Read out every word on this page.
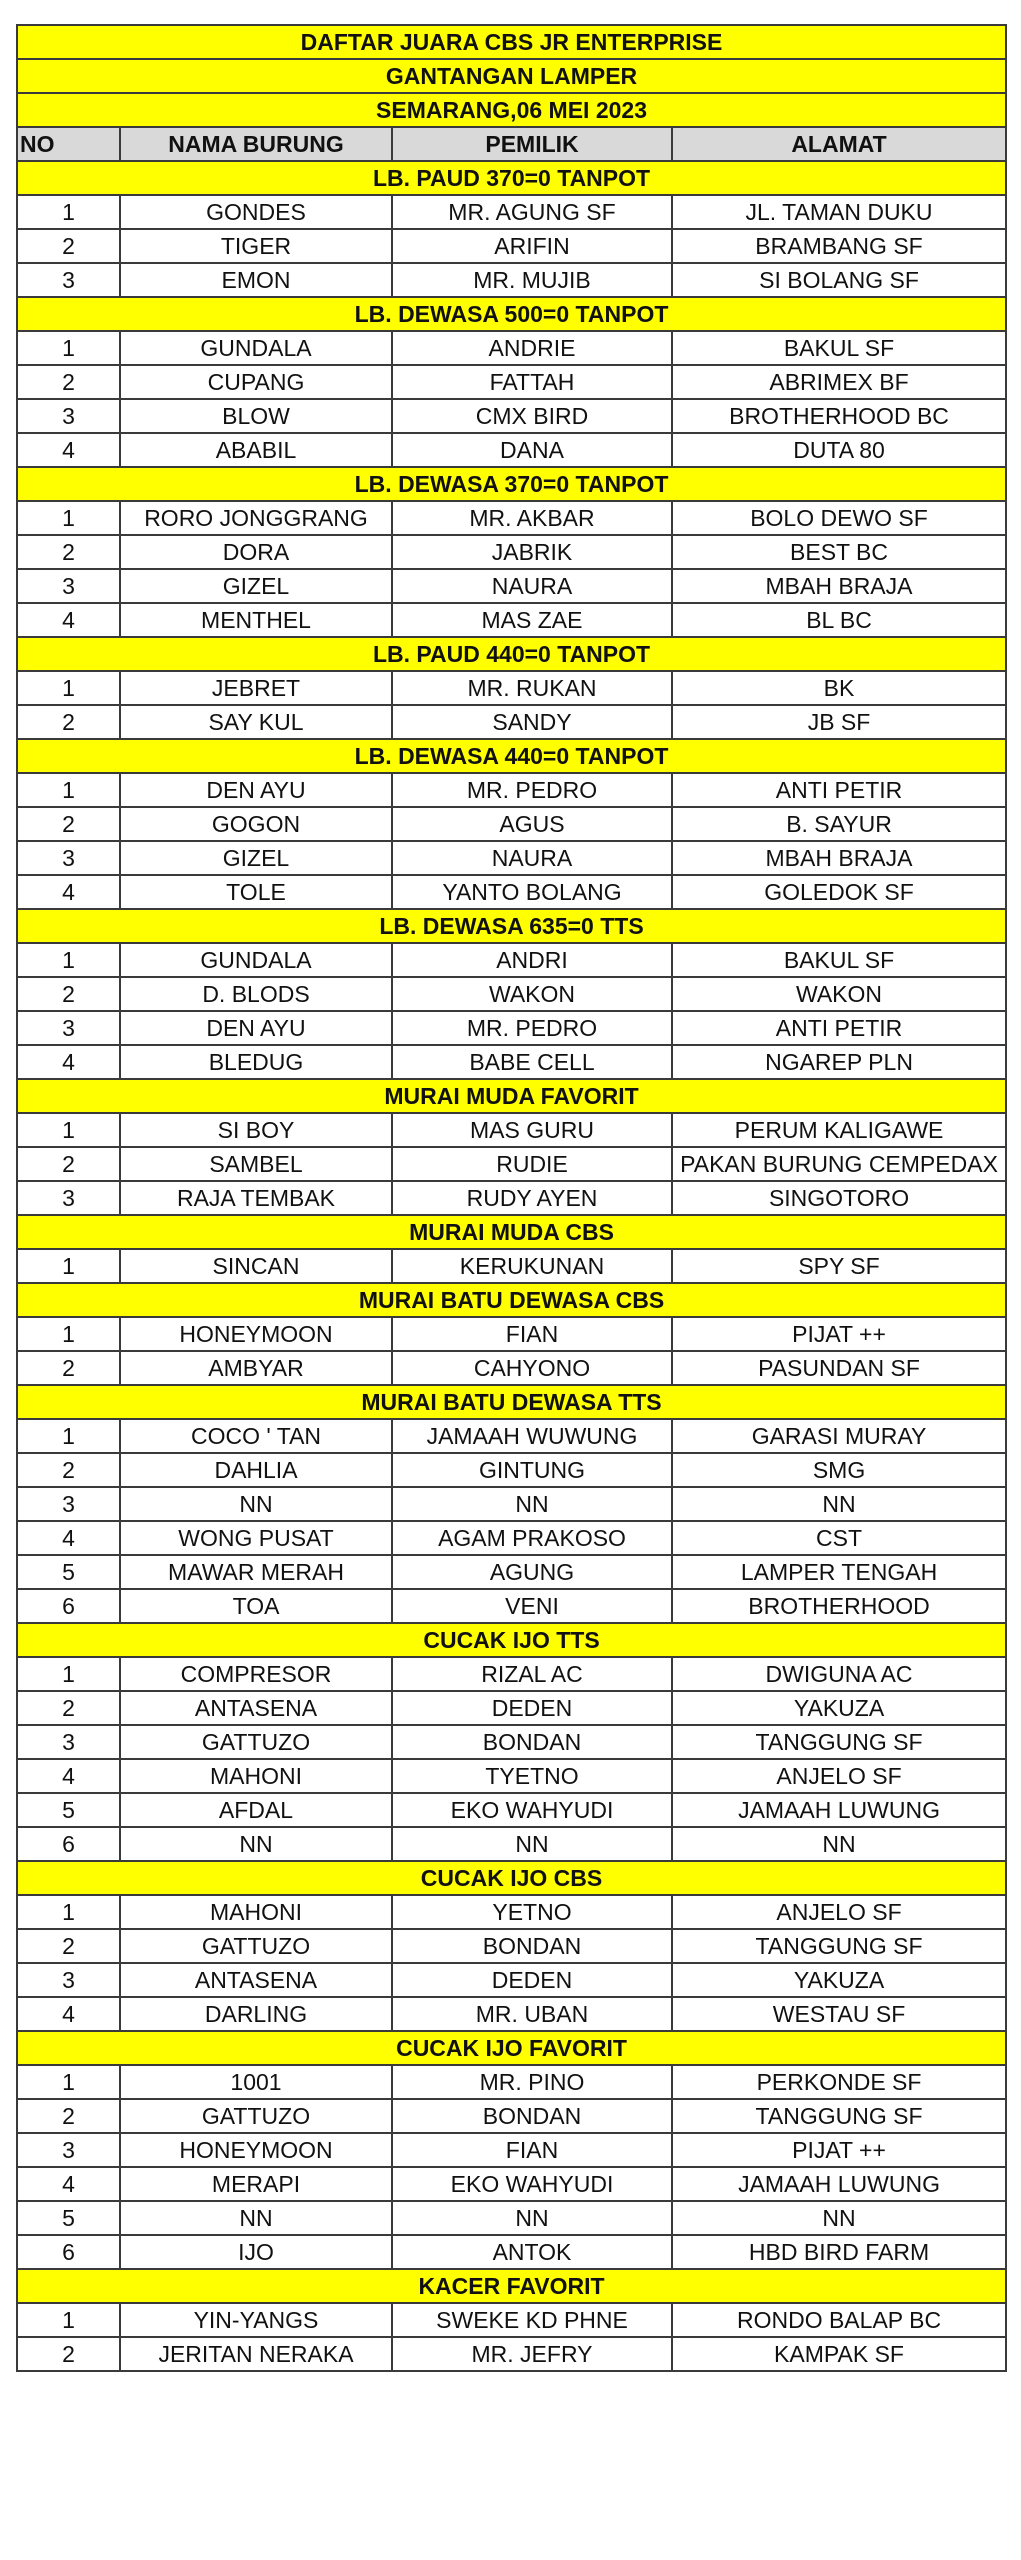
DAFTAR JUARA CBS JR ENTERPRISE			
GANTANGAN LAMPER			
SEMARANG,06 MEI 2023			
NO	NAMA BURUNG	PEMILIK	ALAMAT
LB. PAUD 370=0 TANPOT			
1	GONDES	MR. AGUNG SF	JL. TAMAN DUKU
2	TIGER	ARIFIN	BRAMBANG SF
3	EMON	MR. MUJIB	SI BOLANG SF
LB. DEWASA 500=0 TANPOT			
1	GUNDALA	ANDRIE	BAKUL SF
2	CUPANG	FATTAH	ABRIMEX BF
3	BLOW	CMX BIRD	BROTHERHOOD BC
4	ABABIL	DANA	DUTA 80
LB. DEWASA 370=0 TANPOT			
1	RORO JONGGRANG	MR. AKBAR	BOLO DEWO SF
2	DORA	JABRIK	BEST BC
3	GIZEL	NAURA	MBAH BRAJA
4	MENTHEL	MAS ZAE	BL BC
LB. PAUD 440=0 TANPOT			
1	JEBRET	MR. RUKAN	BK
2	SAY KUL	SANDY	JB SF
LB. DEWASA 440=0 TANPOT			
1	DEN AYU	MR. PEDRO	ANTI PETIR
2	GOGON	AGUS	B. SAYUR
3	GIZEL	NAURA	MBAH BRAJA
4	TOLE	YANTO BOLANG	GOLEDOK SF
LB. DEWASA 635=0 TTS			
1	GUNDALA	ANDRI	BAKUL SF
2	D. BLODS	WAKON	WAKON
3	DEN AYU	MR. PEDRO	ANTI PETIR
4	BLEDUG	BABE CELL	NGAREP PLN
MURAI MUDA FAVORIT			
1	SI BOY	MAS GURU	PERUM KALIGAWE
2	SAMBEL	RUDIE	PAKAN BURUNG CEMPEDAX
3	RAJA TEMBAK	RUDY AYEN	SINGOTORO
MURAI MUDA CBS			
1	SINCAN	KERUKUNAN	SPY SF
MURAI BATU DEWASA CBS			
1	HONEYMOON	FIAN	PIJAT ++
2	AMBYAR	CAHYONO	PASUNDAN SF
MURAI BATU DEWASA TTS			
1	COCO ' TAN	JAMAAH WUWUNG	GARASI MURAY
2	DAHLIA	GINTUNG	SMG
3	NN	NN	NN
4	WONG PUSAT	AGAM PRAKOSO	CST
5	MAWAR MERAH	AGUNG	LAMPER TENGAH
6	TOA	VENI	BROTHERHOOD
CUCAK IJO TTS			
1	COMPRESOR	RIZAL AC	DWIGUNA AC
2	ANTASENA	DEDEN	YAKUZA
3	GATTUZO	BONDAN	TANGGUNG SF
4	MAHONI	TYETNO	ANJELO SF
5	AFDAL	EKO WAHYUDI	JAMAAH LUWUNG
6	NN	NN	NN
CUCAK IJO CBS			
1	MAHONI	YETNO	ANJELO SF
2	GATTUZO	BONDAN	TANGGUNG SF
3	ANTASENA	DEDEN	YAKUZA
4	DARLING	MR. UBAN	WESTAU SF
CUCAK IJO FAVORIT			
1	1001	MR. PINO	PERKONDE SF
2	GATTUZO	BONDAN	TANGGUNG SF
3	HONEYMOON	FIAN	PIJAT ++
4	MERAPI	EKO WAHYUDI	JAMAAH LUWUNG
5	NN	NN	NN
6	IJO	ANTOK	HBD BIRD FARM
KACER FAVORIT			
1	YIN-YANGS	SWEKE KD PHNE	RONDO BALAP BC
2	JERITAN NERAKA	MR. JEFRY	KAMPAK SF
